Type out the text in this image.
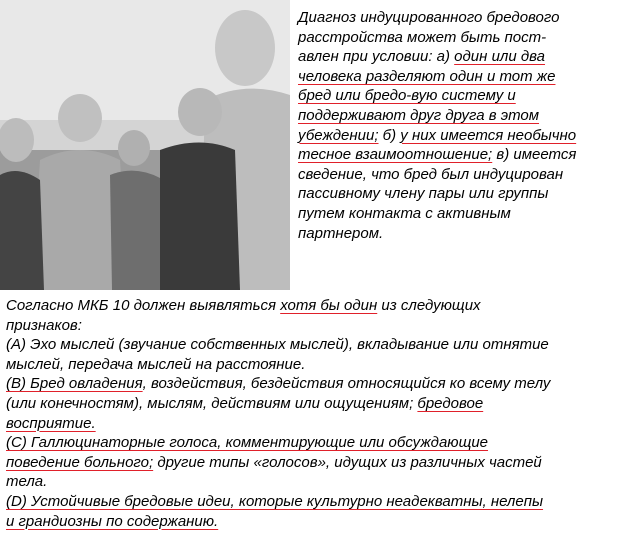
Диагноз индуцированного бредового
расстройства может быть пост-
авлен при условии: а) один или два
человека разделяют один и тот же
бред или бредо-вую систему и
поддерживают друг друга в этом
убеждении; б) у них имеется необычно
тесное взаимоотношение; в) имеется
сведение, что бред был индуцирован
пассивному члену пары или группы
путем контакта с активным
партнером.
Согласно МКБ 10 должен выявляться хотя бы один из следующих
признаков:
(A) Эхо мыслей (звучание собственных мыслей), вкладывание или отнятие
мыслей, передача мыслей на расстояние.
(B) Бред овладения, воздействия, бездействия относящийся ко всему телу
(или конечностям), мыслям, действиям или ощущениям; бредовое
восприятие.
(C) Галлюцинаторные голоса, комментирующие или обсуждающие
поведение больного; другие типы «голосов», идущих из различных частей
тела.
(D) Устойчивые бредовые идеи, которые культурно неадекватны, нелепы
и грандиозны по содержанию.
